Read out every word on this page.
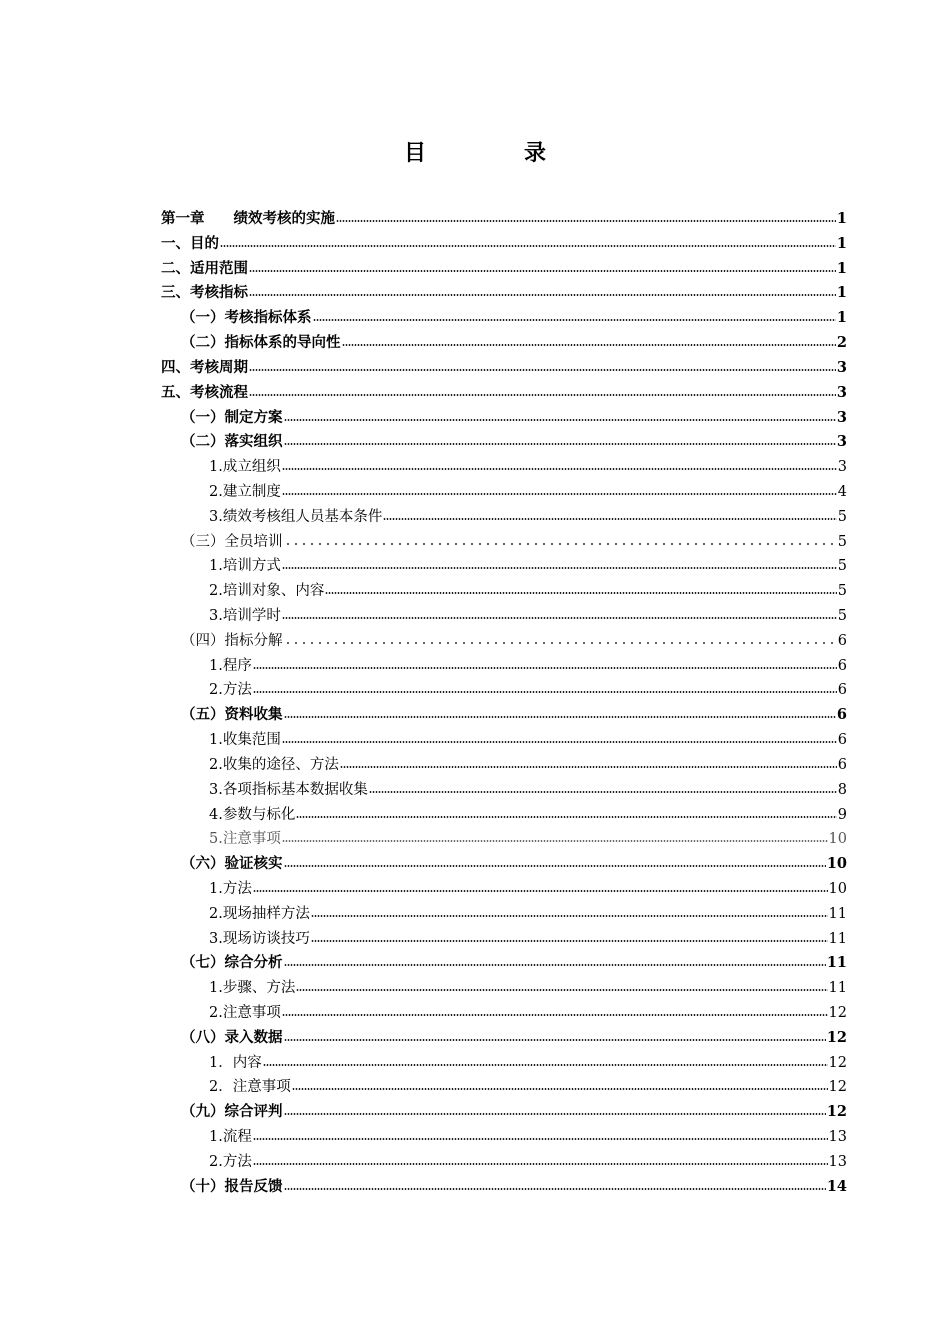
目　录
第一章　　绩效考核的实施	1
一、目的	1
二、适用范围	1
三、考核指标	1
（一）考核指标体系	1
（二）指标体系的导向性	2
四、考核周期	3
五、考核流程	3
（一）制定方案	3
（二）落实组织	3
1.成立组织	3
2.建立制度	4
3.绩效考核组人员基本条件	5
（三）全员培训	5
1.培训方式	5
2.培训对象、内容	5
3.培训学时	5
（四）指标分解	6
1.程序	6
2.方法	6
（五）资料收集	6
1.收集范围	6
2.收集的途径、方法	6
3.各项指标基本数据收集	8
4.参数与标化	9
5.注意事项	10
（六）验证核实	10
1.方法	10
2.现场抽样方法	11
3.现场访谈技巧	11
（七）综合分析	11
1.步骤、方法	11
2.注意事项	12
（八）录入数据	12
1．内容	12
2．注意事项	12
（九）综合评判	12
1.流程	13
2.方法	13
（十）报告反馈	14
